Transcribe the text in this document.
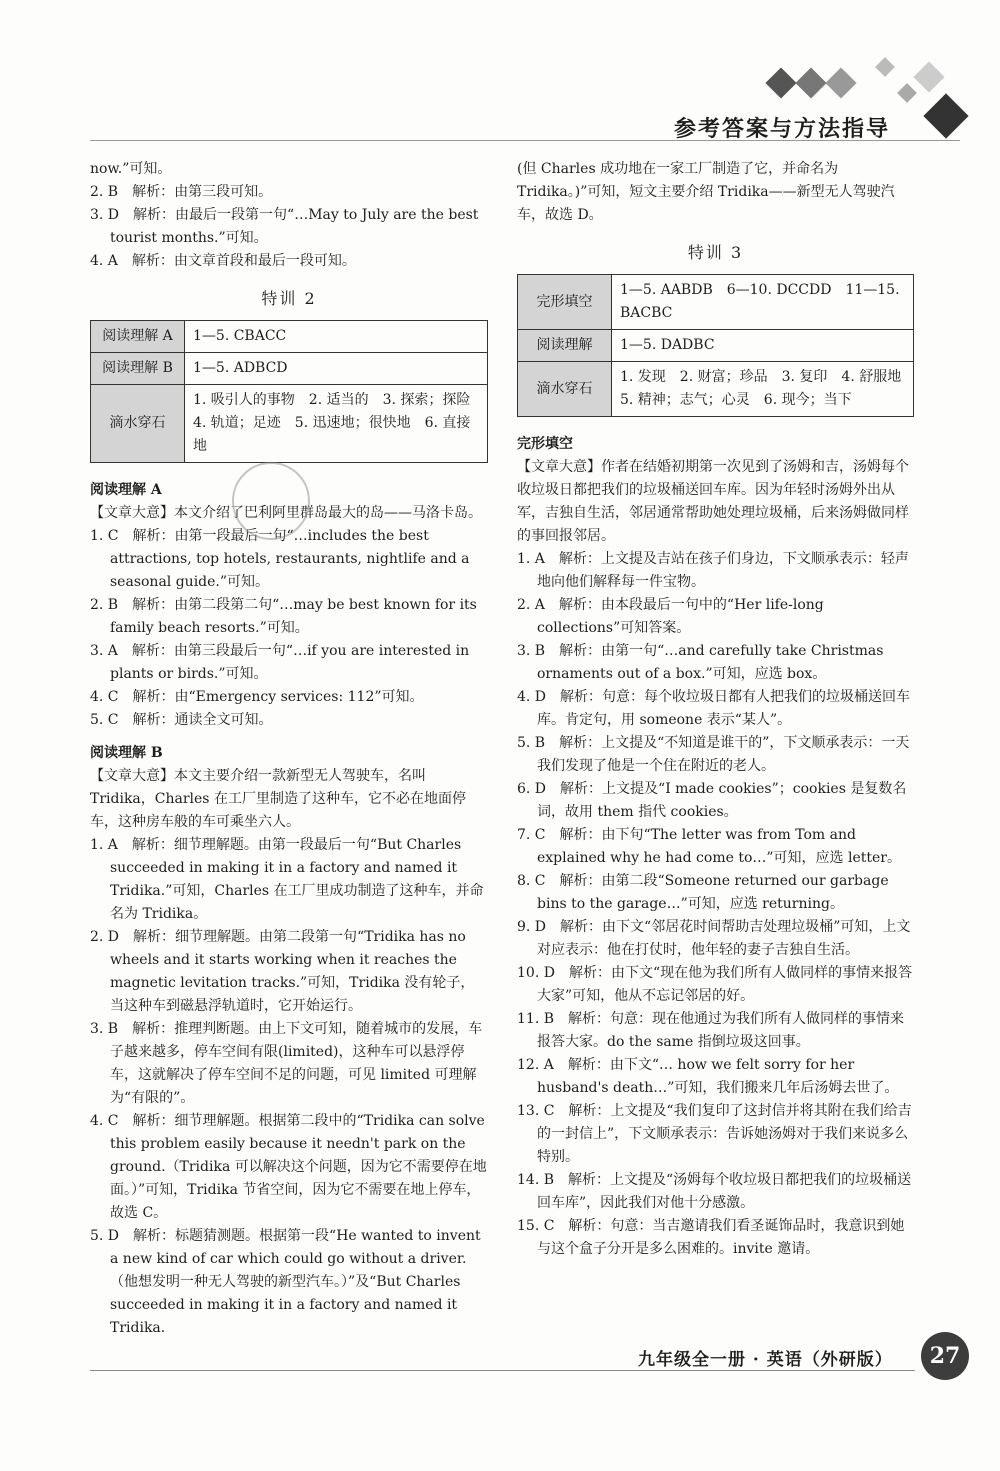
参考答案与方法指导

now.”可知。

2. B　解析：由第三段可知。

3. D　解析：由最后一段第一句“…May to July are the best tourist months.”可知。

4. A　解析：由文章首段和最后一段可知。

特训 2

阅读理解 A	1—5. CBACC
阅读理解 B	1—5. ADBCD
滴水穿石	1. 吸引人的事物　2. 适当的　3. 探索；探险　4. 轨道；足迹　5. 迅速地；很快地　6. 直接地

阅读理解 A

【文章大意】本文介绍了巴利阿里群岛最大的岛——马洛卡岛。

1. C　解析：由第一段最后一句“…includes the best attractions, top hotels, restaurants, nightlife and a seasonal guide.”可知。

2. B　解析：由第二段第二句“…may be best known for its family beach resorts.”可知。

3. A　解析：由第三段最后一句“…if you are interested in plants or birds.”可知。

4. C　解析：由“Emergency services: 112”可知。

5. C　解析：通读全文可知。

阅读理解 B

【文章大意】本文主要介绍一款新型无人驾驶车，名叫 Tridika，Charles 在工厂里制造了这种车，它不必在地面停车，这种房车般的车可乘坐六人。

1. A　解析：细节理解题。由第一段最后一句“But Charles succeeded in making it in a factory and named it Tridika.”可知，Charles 在工厂里成功制造了这种车，并命名为 Tridika。

2. D　解析：细节理解题。由第二段第一句“Tridika has no wheels and it starts working when it reaches the magnetic levitation tracks.”可知，Tridika 没有轮子，当这种车到磁悬浮轨道时，它开始运行。

3. B　解析：推理判断题。由上下文可知，随着城市的发展，车子越来越多，停车空间有限(limited)，这种车可以悬浮停车，这就解决了停车空间不足的问题，可见 limited 可理解为“有限的”。

4. C　解析：细节理解题。根据第二段中的“Tridika can solve this problem easily because it needn't park on the ground.（Tridika 可以解决这个问题，因为它不需要停在地面。）”可知，Tridika 节省空间，因为它不需要在地上停车，故选 C。

5. D　解析：标题猜测题。根据第一段“He wanted to invent a new kind of car which could go without a driver.（他想发明一种无人驾驶的新型汽车。）”及“But Charles succeeded in making it in a factory and named it Tridika.

(但 Charles 成功地在一家工厂制造了它，并命名为 Tridika。)”可知，短文主要介绍 Tridika——新型无人驾驶汽车，故选 D。

特训 3

完形填空	1—5. AABDB　6—10. DCCDD　11—15. BACBC
阅读理解	1—5. DADBC
滴水穿石	1. 发现　2. 财富；珍品　3. 复印　4. 舒服地　5. 精神；志气；心灵　6. 现今；当下

完形填空

【文章大意】作者在结婚初期第一次见到了汤姆和吉，汤姆每个收垃圾日都把我们的垃圾桶送回车库。因为年轻时汤姆外出从军，吉独自生活，邻居通常帮助她处理垃圾桶，后来汤姆做同样的事回报邻居。

1. A　解析：上文提及吉站在孩子们身边，下文顺承表示：轻声地向他们解释每一件宝物。

2. A　解析：由本段最后一句中的“Her life-long collections”可知答案。

3. B　解析：由第一句“…and carefully take Christmas ornaments out of a box.”可知，应选 box。

4. D　解析：句意：每个收垃圾日都有人把我们的垃圾桶送回车库。肯定句，用 someone 表示“某人”。

5. B　解析：上文提及“不知道是谁干的”，下文顺承表示：一天我们发现了他是一个住在附近的老人。

6. D　解析：上文提及“I made cookies”；cookies 是复数名词，故用 them 指代 cookies。

7. C　解析：由下句“The letter was from Tom and explained why he had come to…”可知，应选 letter。

8. C　解析：由第二段“Someone returned our garbage bins to the garage…”可知，应选 returning。

9. D　解析：由下文“邻居花时间帮助吉处理垃圾桶”可知，上文对应表示：他在打仗时，他年轻的妻子吉独自生活。

10. D　解析：由下文“现在他为我们所有人做同样的事情来报答大家”可知，他从不忘记邻居的好。

11. B　解析：句意：现在他通过为我们所有人做同样的事情来报答大家。do the same 指倒垃圾这回事。

12. A　解析：由下文“… how we felt sorry for her husband's death…”可知，我们搬来几年后汤姆去世了。

13. C　解析：上文提及“我们复印了这封信并将其附在我们给吉的一封信上”，下文顺承表示：告诉她汤姆对于我们来说多么特别。

14. B　解析：上文提及“汤姆每个收垃圾日都把我们的垃圾桶送回车库”，因此我们对他十分感激。

15. C　解析：句意：当吉邀请我们看圣诞饰品时，我意识到她与这个盒子分开是多么困难的。invite 邀请。

九年级全一册 · 英语（外研版）	27
